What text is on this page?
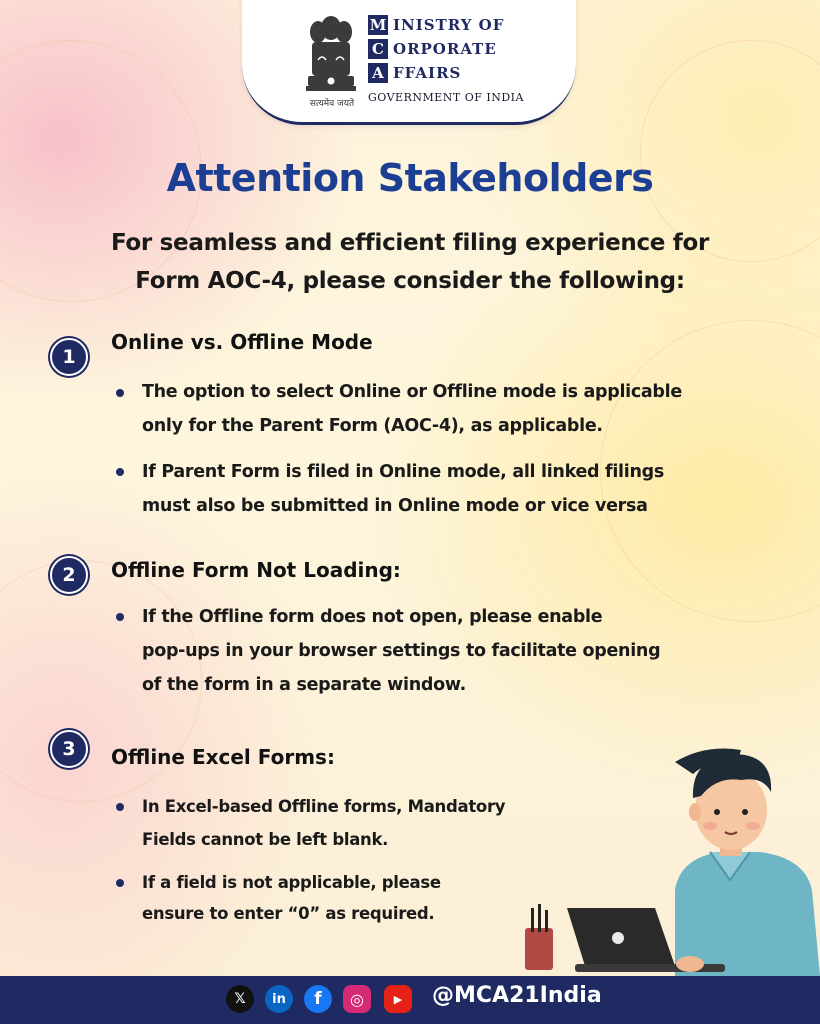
सत्यमेव जयते
M INISTRY OF
C ORPORATE
A FFAIRS
GOVERNMENT OF INDIA
Attention Stakeholders
For seamless and efficient filing experience for
Form AOC-4, please consider the following:
1
Online vs. Offline Mode
The option to select Online or Offline mode is applicable
only for the Parent Form (AOC-4), as applicable.
If Parent Form is filed in Online mode, all linked filings
must also be submitted in Online mode or vice versa
2	Offline Form Not Loading:
If the Offline form does not open, please enable
pop-ups in your browser settings to facilitate opening
of the form in a separate window.
3	Offline Excel Forms:
In Excel-based Offline forms, Mandatory
Fields cannot be left blank.
If a field is not applicable, please
ensure to enter “0” as required.
𝕏	in	f	◎	▶	@MCA21India
